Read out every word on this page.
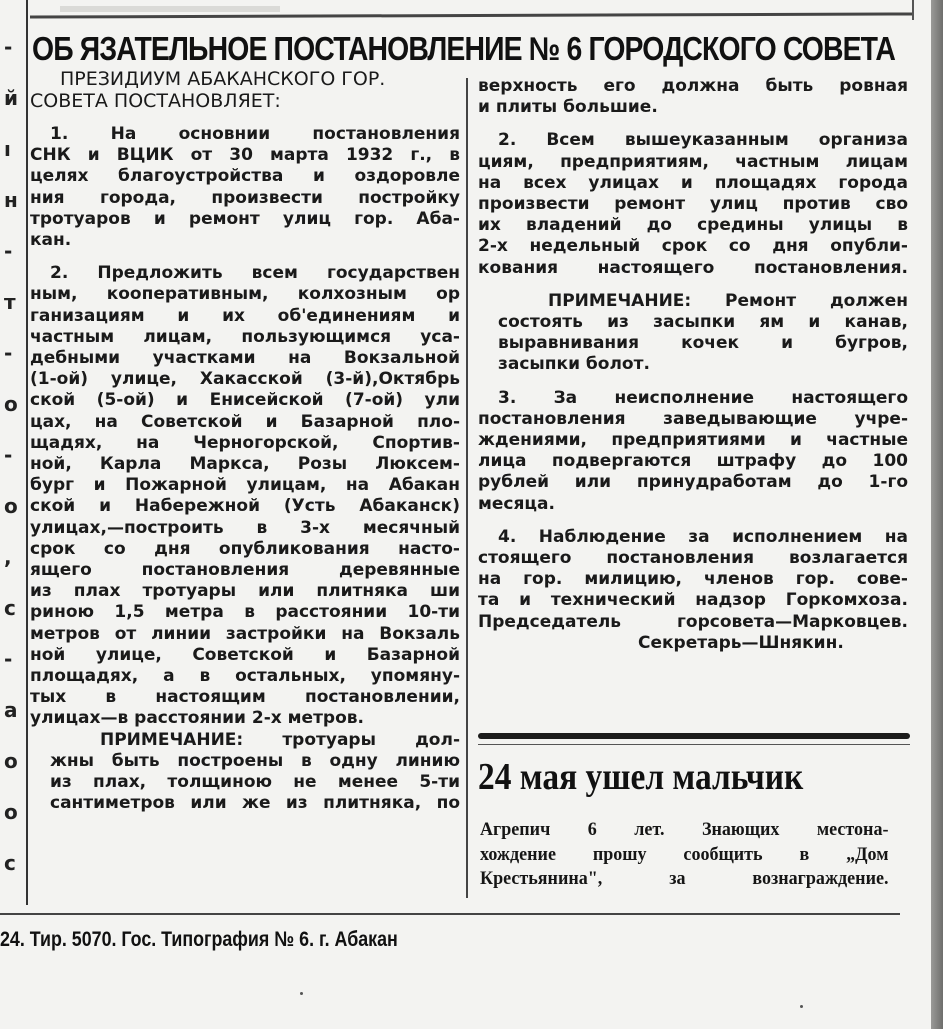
-
й
ı
н
-
т
-
о
-
о
,
с
-
а
о
о
с
ОБ ЯЗАТЕЛЬНОЕ ПОСТАНОВЛЕНИЕ № 6 ГОРОДСКОГО СОВЕТА
ПРЕЗИДИУМ АБАКАНСКОГО ГОР.
СОВЕТА ПОСТАНОВЛЯЕТ:
1. На основнии постановления
СНК и ВЦИК от 30 марта 1932 г., в
целях благоустройства и оздоровле
ния города, произвести постройку
тротуаров и ремонт улиц гор. Аба-
кан.
2. Предложить всем государствен
ным, кооперативным, колхозным ор
ганизациям и их об'единениям и
частным лицам, пользующимся уса-
дебными участками на Вокзальной
(1-ой) улице, Хакасской (3-й),Октябрь
ской (5-ой) и Енисейской (7-ой) ули
цах, на Советской и Базарной пло-
щадях, на Черногорской, Спортив-
ной, Карла Маркса, Розы Люксем-
бург и Пожарной улицам, на Абакан
ской и Набережной (Усть Абаканск)
улицах,—построить в 3-х месячный
срок со дня опубликования насто-
ящего постановления деревянные
из плах тротуары или плитняка ши
риною 1,5 метра в расстоянии 10-ти
метров от линии застройки на Вокзаль
ной улице, Советской и Базарной
площадях, а в остальных, упомяну-
тых в настоящим постановлении,
улицах—в расстоянии 2-х метров.
ПРИМЕЧАНИЕ: тротуары дол-
жны быть построены в одну линию
из плах, толщиною не менее 5-ти
сантиметров или же из плитняка, по
верхность его должна быть ровная
и плиты большие.
2. Всем вышеуказанным организа
циям, предприятиям, частным лицам
на всех улицах и площадях города
произвести ремонт улиц против сво
их владений до средины улицы в
2-х недельный срок со дня опубли-
кования настоящего постановления.
ПРИМЕЧАНИЕ: Ремонт должен
состоять из засыпки ям и канав,
выравнивания кочек и бугров,
засыпки болот.
3. За неисполнение настоящего
постановления заведывающие учре-
ждениями, предприятиями и частные
лица подвергаются штрафу до 100
рублей или принудработам до 1-го
месяца.
4. Наблюдение за исполнением на
стоящего постановления возлагается
на гор. милицию, членов гор. сове-
та и технический надзор Горкомхоза.
Председатель горсовета—Марковцев.
Секретарь—Шнякин.
24 мая ушел мальчик
Агрепич 6 лет. Знающих местона-
хождение прошу сообщить в „Дом
Крестьянина", за вознаграждение.
24. Тир. 5070. Гос. Типография № 6. г. Абакан
